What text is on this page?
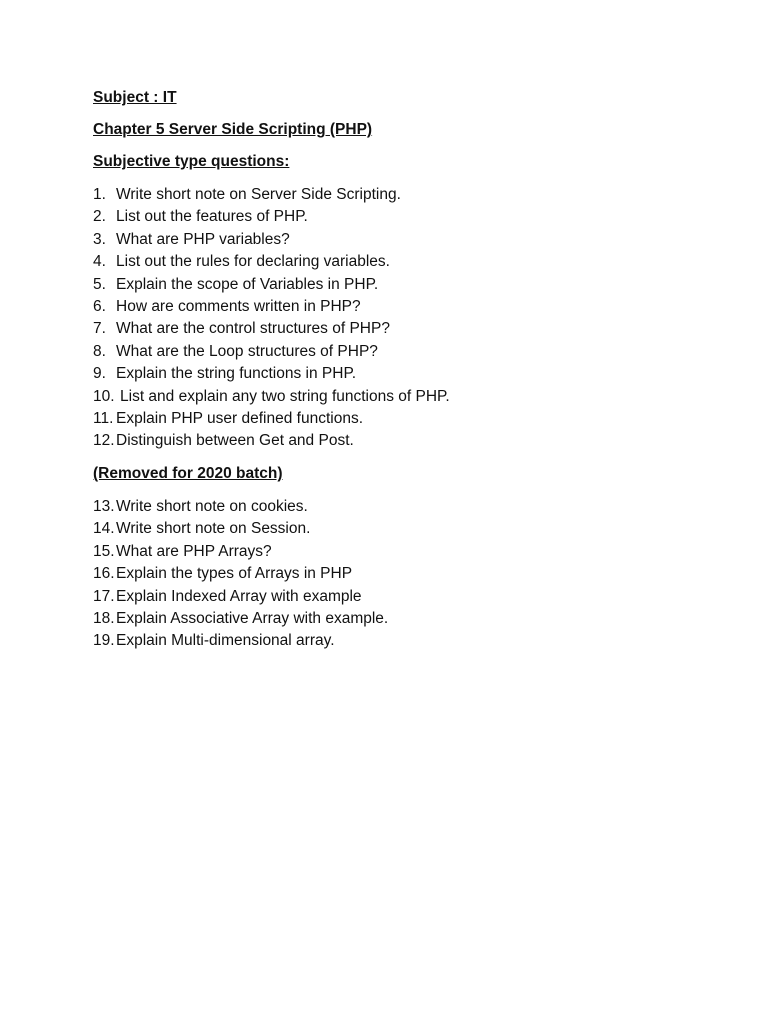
Subject : IT
Chapter 5 Server Side Scripting (PHP)
Subjective type questions:
1. Write short note on Server Side Scripting.
2. List out the features of PHP.
3. What are PHP variables?
4. List out the rules for declaring variables.
5. Explain the scope of Variables in PHP.
6. How are comments written in PHP?
7. What are the control structures of PHP?
8. What are the Loop structures of PHP?
9. Explain the string functions in PHP.
10. List and explain any two string functions of PHP.
11. Explain PHP user defined functions.
12. Distinguish between Get and Post.
(Removed for 2020 batch)
13. Write short note on cookies.
14. Write short note on Session.
15. What are PHP Arrays?
16. Explain the types of Arrays in PHP
17. Explain Indexed Array with example
18. Explain Associative Array with example.
19. Explain Multi-dimensional array.
